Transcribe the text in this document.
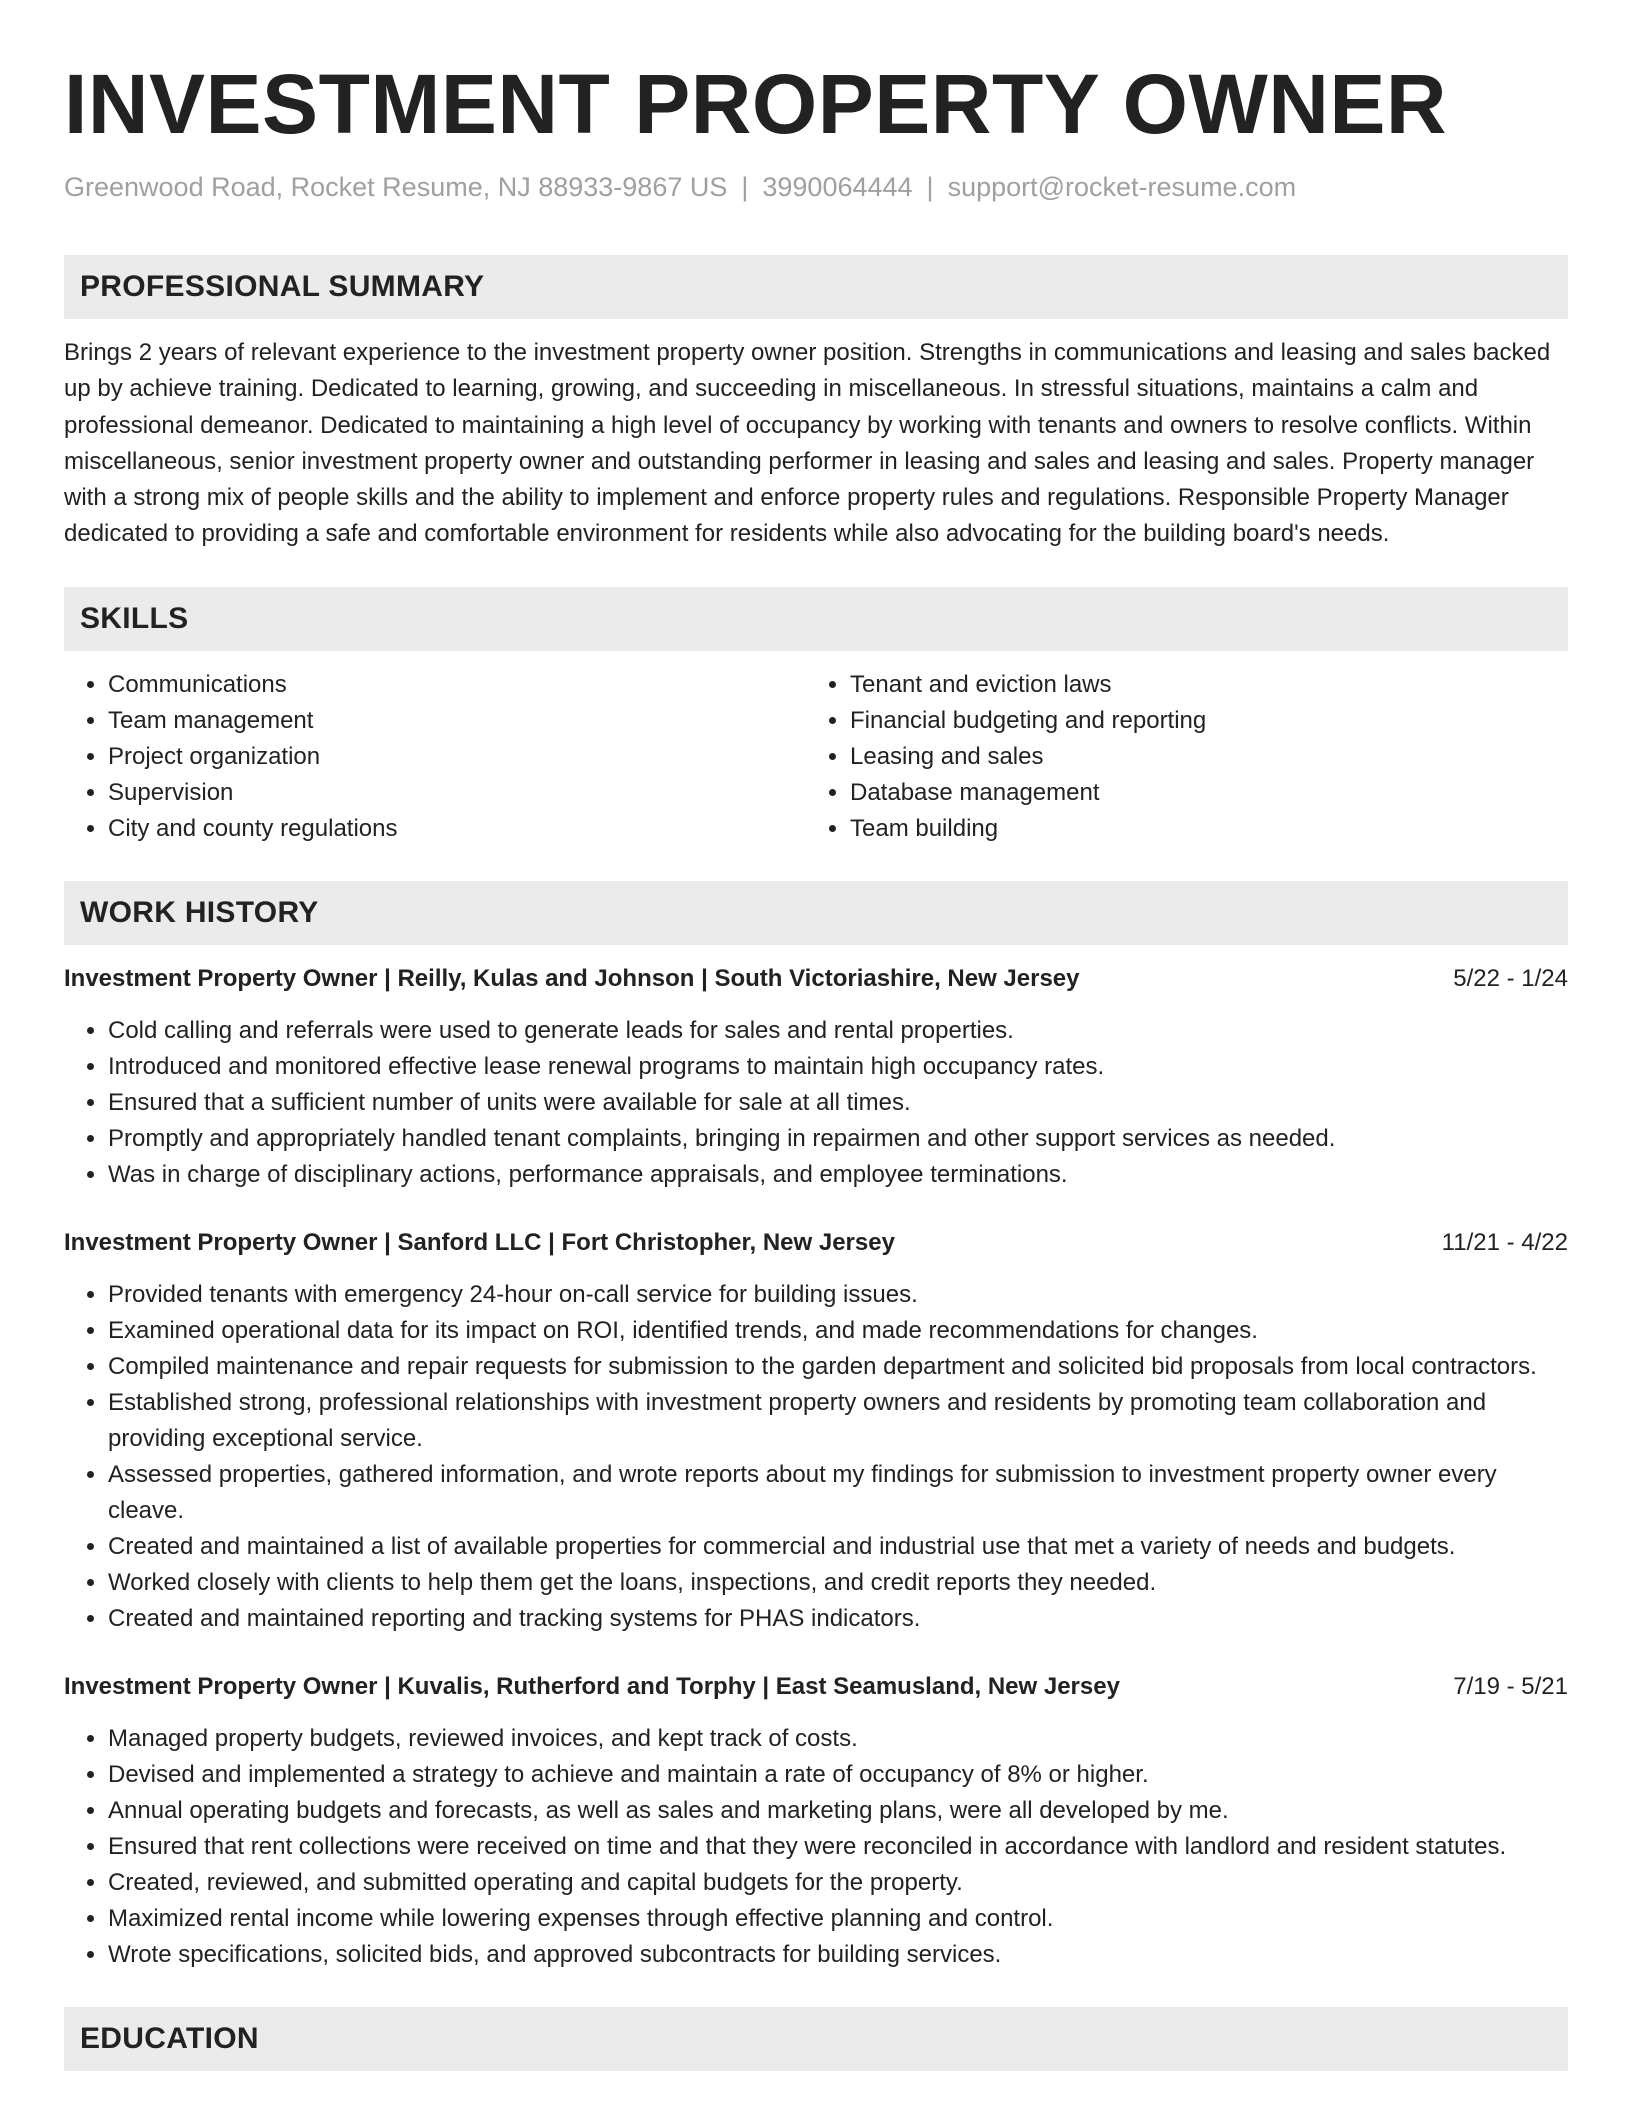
INVESTMENT PROPERTY OWNER
Greenwood Road, Rocket Resume, NJ 88933-9867 US | 3990064444 | support@rocket-resume.com
PROFESSIONAL SUMMARY

Brings 2 years of relevant experience to the investment property owner position. Strengths in communications and leasing and sales backed up by achieve training. Dedicated to learning, growing, and succeeding in miscellaneous. In stressful situations, maintains a calm and professional demeanor. Dedicated to maintaining a high level of occupancy by working with tenants and owners to resolve conflicts. Within miscellaneous, senior investment property owner and outstanding performer in leasing and sales and leasing and sales. Property manager with a strong mix of people skills and the ability to implement and enforce property rules and regulations. Responsible Property Manager dedicated to providing a safe and comfortable environment for residents while also advocating for the building board's needs.

SKILLS
• Communications
• Team management
• Project organization
• Supervision
• City and county regulations
• Tenant and eviction laws
• Financial budgeting and reporting
• Leasing and sales
• Database management
• Team building
WORK HISTORY
Investment Property Owner | Reilly, Kulas and Johnson | South Victoriashire, New Jersey	5/22 - 1/24
• Cold calling and referrals were used to generate leads for sales and rental properties.
• Introduced and monitored effective lease renewal programs to maintain high occupancy rates.
• Ensured that a sufficient number of units were available for sale at all times.
• Promptly and appropriately handled tenant complaints, bringing in repairmen and other support services as needed.
• Was in charge of disciplinary actions, performance appraisals, and employee terminations.
Investment Property Owner | Sanford LLC | Fort Christopher, New Jersey	11/21 - 4/22
• Provided tenants with emergency 24-hour on-call service for building issues.
• Examined operational data for its impact on ROI, identified trends, and made recommendations for changes.
• Compiled maintenance and repair requests for submission to the garden department and solicited bid proposals from local contractors.
• Established strong, professional relationships with investment property owners and residents by promoting team collaboration and providing exceptional service.
• Assessed properties, gathered information, and wrote reports about my findings for submission to investment property owner every cleave.
• Created and maintained a list of available properties for commercial and industrial use that met a variety of needs and budgets.
• Worked closely with clients to help them get the loans, inspections, and credit reports they needed.
• Created and maintained reporting and tracking systems for PHAS indicators.
Investment Property Owner | Kuvalis, Rutherford and Torphy | East Seamusland, New Jersey	7/19 - 5/21
• Managed property budgets, reviewed invoices, and kept track of costs.
• Devised and implemented a strategy to achieve and maintain a rate of occupancy of 8% or higher.
• Annual operating budgets and forecasts, as well as sales and marketing plans, were all developed by me.
• Ensured that rent collections were received on time and that they were reconciled in accordance with landlord and resident statutes.
• Created, reviewed, and submitted operating and capital budgets for the property.
• Maximized rental income while lowering expenses through effective planning and control.
• Wrote specifications, solicited bids, and approved subcontracts for building services.
EDUCATION
